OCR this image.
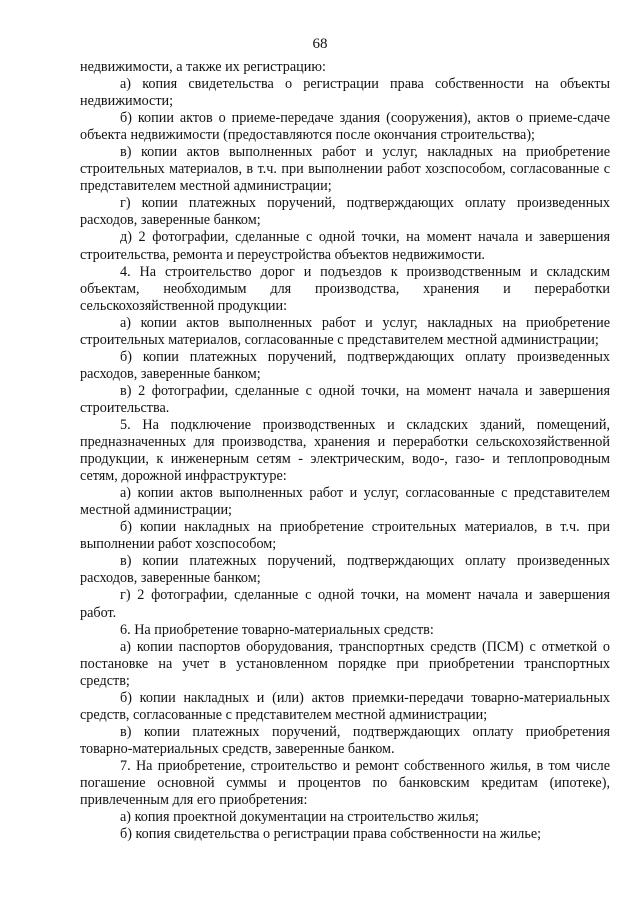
68

недвижимости, а также их регистрацию:

а) копия свидетельства о регистрации права собственности на объекты недвижимости;

б) копии актов о приеме-передаче здания (сооружения), актов о приеме-сдаче объекта недвижимости (предоставляются после окончания строительства);

в) копии актов выполненных работ и услуг, накладных на приобретение строительных материалов, в т.ч. при выполнении работ хозспособом, согласованные с представителем местной администрации;

г) копии платежных поручений, подтверждающих оплату произведенных расходов, заверенные банком;

д) 2 фотографии, сделанные с одной точки, на момент начала и завершения строительства, ремонта и переустройства объектов недвижимости.

4. На строительство дорог и подъездов к производственным и складским объектам, необходимым для производства, хранения и переработки сельскохозяйственной продукции:

а) копии актов выполненных работ и услуг, накладных на приобретение строительных материалов, согласованные с представителем местной администрации;

б) копии платежных поручений, подтверждающих оплату произведенных расходов, заверенные банком;

в) 2 фотографии, сделанные с одной точки, на момент начала и завершения строительства.

5. На подключение производственных и складских зданий, помещений, предназначенных для производства, хранения и переработки сельскохозяйственной продукции, к инженерным сетям - электрическим, водо-, газо- и теплопроводным сетям, дорожной инфраструктуре:

а) копии актов выполненных работ и услуг, согласованные с представителем местной администрации;

б) копии накладных на приобретение строительных материалов, в т.ч. при выполнении работ хозспособом;

в) копии платежных поручений, подтверждающих оплату произведенных расходов, заверенные банком;

г) 2 фотографии, сделанные с одной точки, на момент начала и завершения работ.

6. На приобретение товарно-материальных средств:

а) копии паспортов оборудования, транспортных средств (ПСМ) с отметкой о постановке на учет в установленном порядке при приобретении транспортных средств;

б) копии накладных и (или) актов приемки-передачи товарно-материальных средств, согласованные с представителем местной администрации;

в) копии платежных поручений, подтверждающих оплату приобретения товарно-материальных средств, заверенные банком.

7. На приобретение, строительство и ремонт собственного жилья, в том числе погашение основной суммы и процентов по банковским кредитам (ипотеке), привлеченным для его приобретения:

а) копия проектной документации на строительство жилья;

б) копия свидетельства о регистрации права собственности на жилье;
